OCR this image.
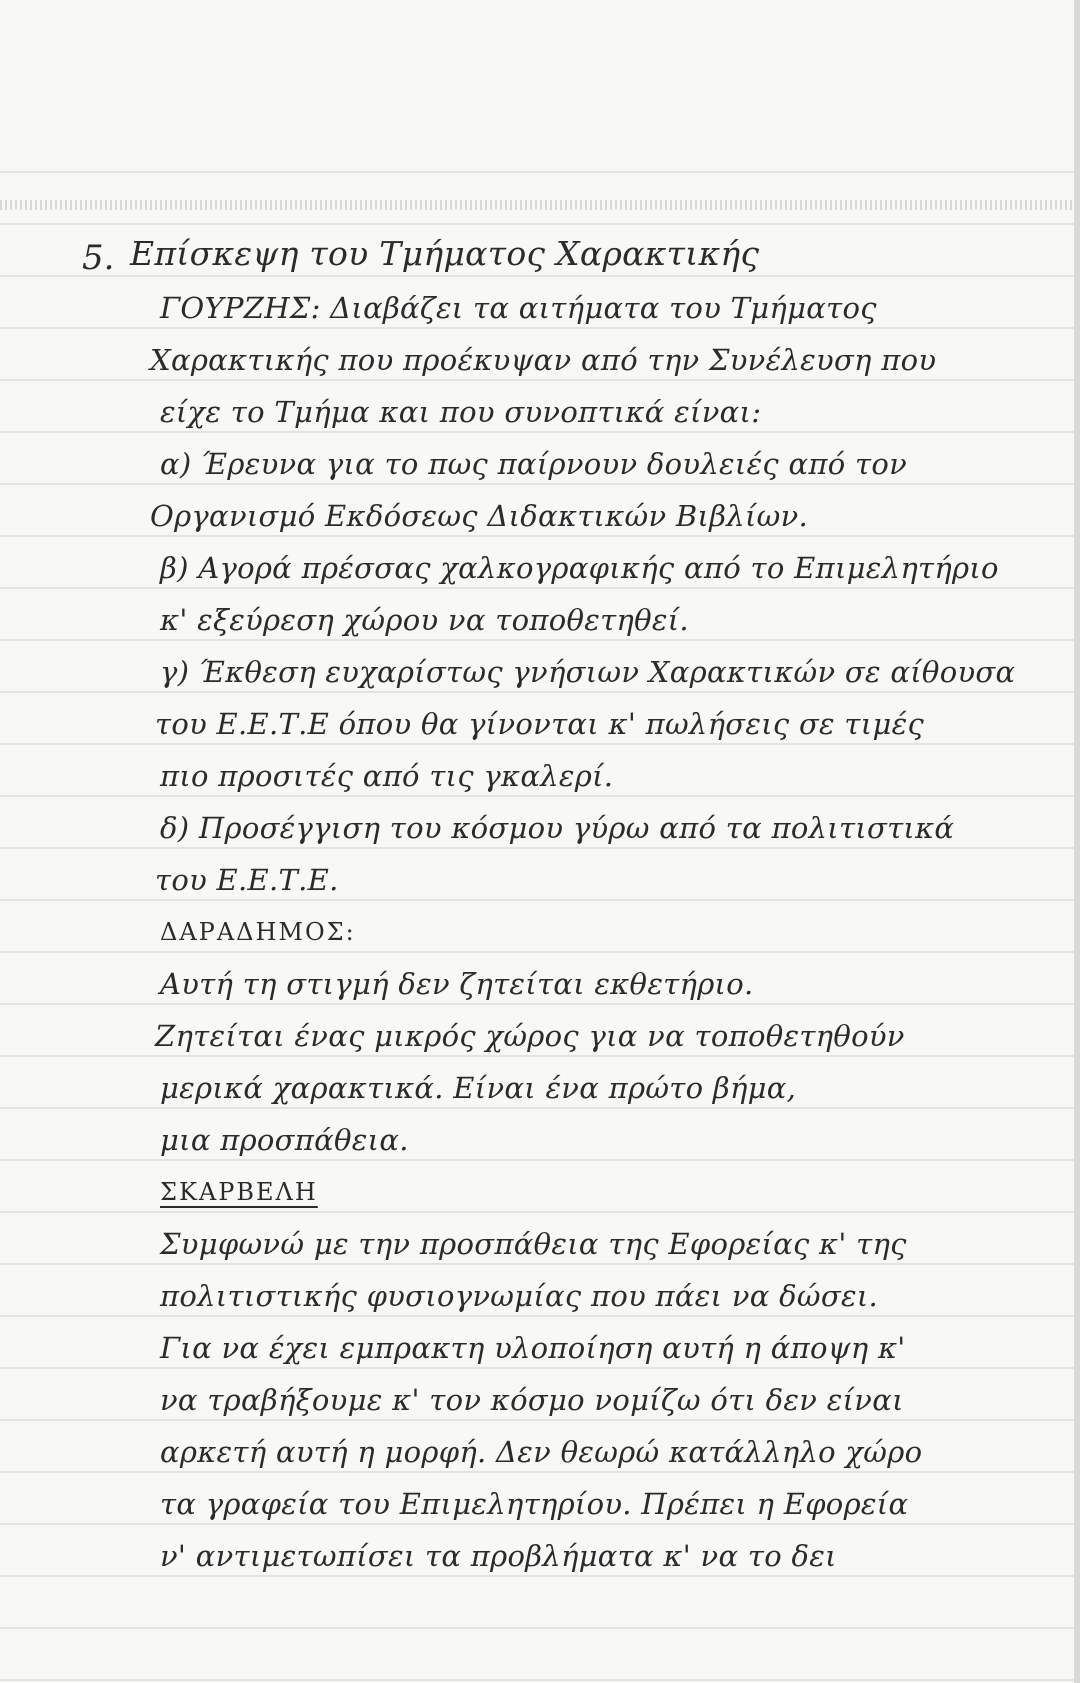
5. Επίσκεψη του Τμήματος Χαρακτικής
ΓΟΥΡΖΗΣ: Διαβάζει τα αιτήματα του Τμήματος
Χαρακτικής που προέκυψαν από την Συνέλευση που
είχε το Τμήμα και που συνοπτικά είναι:
α) Έρευνα για το πως παίρνουν δουλειές από τον
Οργανισμό Εκδόσεως Διδακτικών Βιβλίων.
β) Αγορά πρέσσας χαλκογραφικής από το Επιμελητήριο
κ' εξεύρεση χώρου να τοποθετηθεί.
γ) Έκθεση ευχαρίστως γνήσιων Χαρακτικών σε αίθουσα
του Ε.Ε.Τ.Ε όπου θα γίνονται κ' πωλήσεις σε τιμές
πιο προσιτές από τις γκαλερί.
δ) Προσέγγιση του κόσμου γύρω από τα πολιτιστικά
του Ε.Ε.Τ.Ε.
ΔΑΡΑΔΗΜΟΣ:
Αυτή τη στιγμή δεν ζητείται εκθετήριο.
Ζητείται ένας μικρός χώρος για να τοποθετηθούν
μερικά χαρακτικά. Είναι ένα πρώτο βήμα,
μια προσπάθεια.
ΣΚΑΡΒΕΛΗ
Συμφωνώ με την προσπάθεια της Εφορείας κ' της
πολιτιστικής φυσιογνωμίας που πάει να δώσει.
Για να έχει εμπρακτη υλοποίηση αυτή η άποψη κ'
να τραβήξουμε κ' τον κόσμο νομίζω ότι δεν είναι
αρκετή αυτή η μορφή. Δεν θεωρώ κατάλληλο χώρο
τα γραφεία του Επιμελητηρίου. Πρέπει η Εφορεία
ν' αντιμετωπίσει τα προβλήματα κ' να το δει
